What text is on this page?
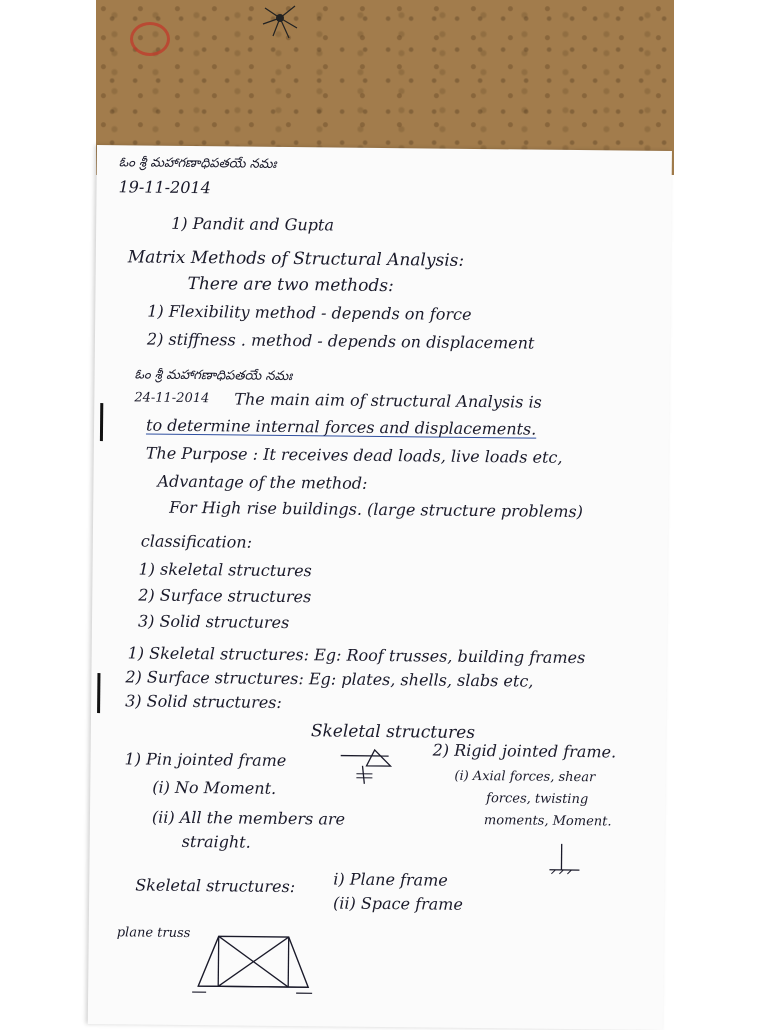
ఓం శ్రీ మహాగణాధిపతయే నమః
19-11-2014
1) Pandit and Gupta
Matrix Methods of Structural Analysis:
There are two methods:
1) Flexibility method - depends on force
2) stiffness . method - depends on displacement
ఓం శ్రీ మహాగణాధిపతయే నమః
24-11-2014 The main aim of structural Analysis is
to determine internal forces and displacements.
The Purpose : It receives dead loads, live loads etc,
Advantage of the method:
For High rise buildings. (large structure problems)
classification:
1) skeletal structures
2) Surface structures
3) Solid structures
1) Skeletal structures: Eg: Roof trusses, building frames
2) Surface structures: Eg: plates, shells, slabs etc,
3) Solid structures:
Skeletal structures
1) Pin jointed frame
(i) No Moment.
(ii) All the members are
straight.
2) Rigid jointed frame.
(i) Axial forces, shear
forces, twisting
moments, Moment.
Skeletal structures: i) Plane frame
(ii) Space frame
plane truss
